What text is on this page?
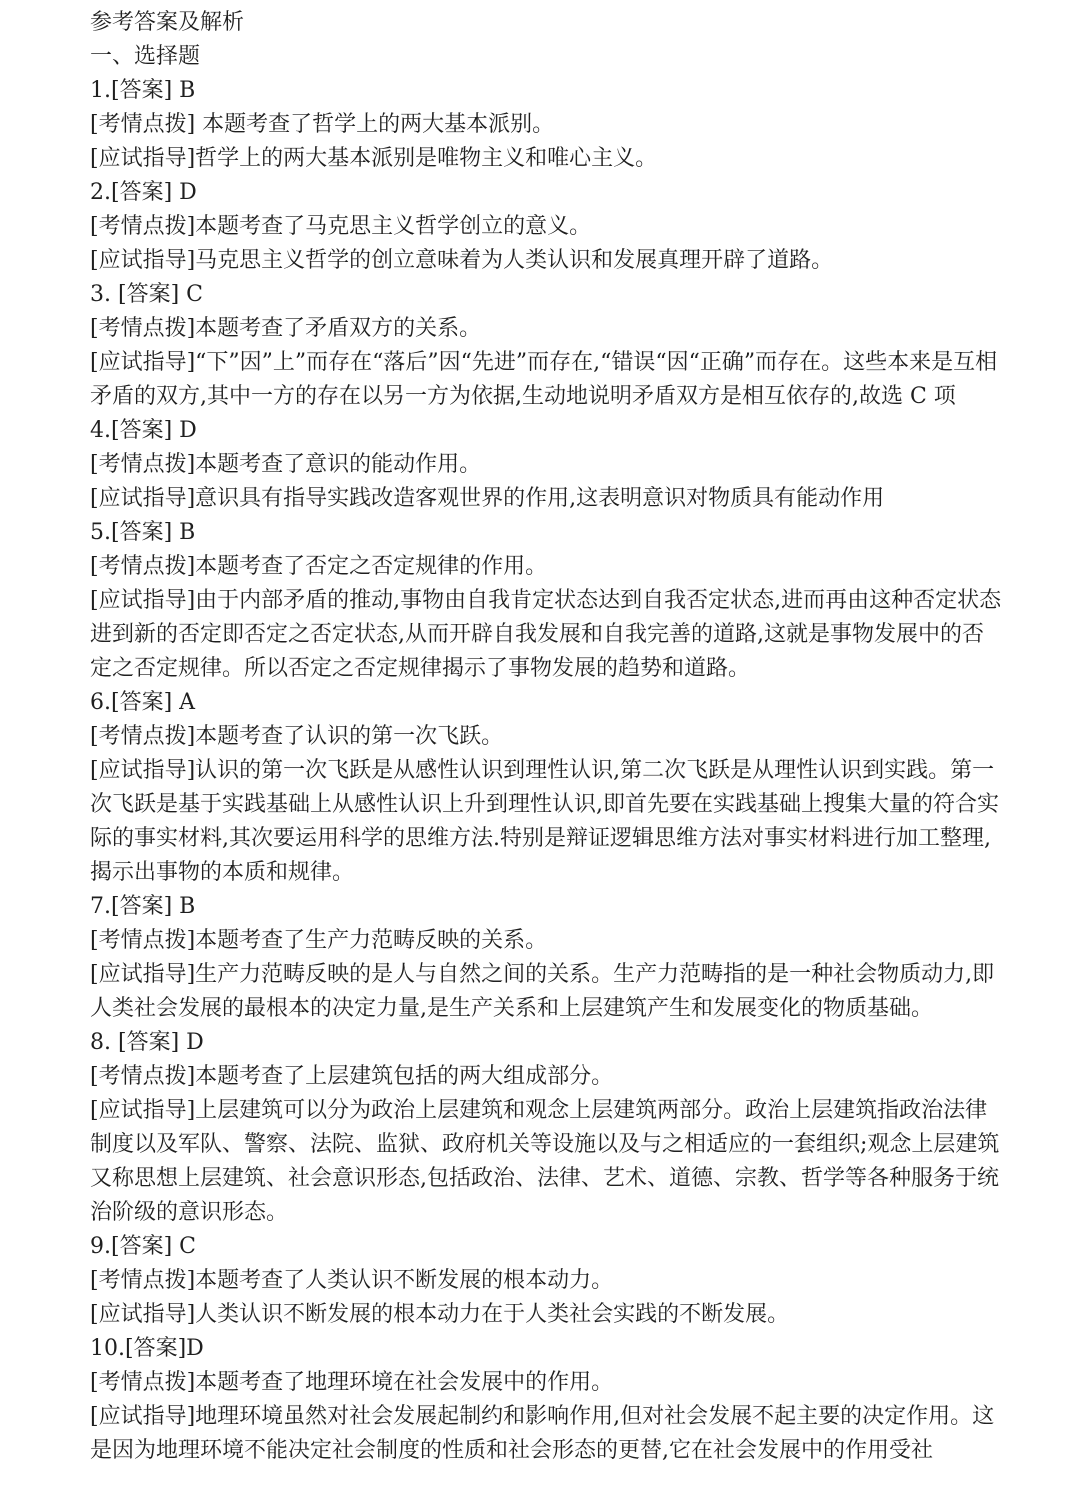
参考答案及解析
一、选择题
1.[答案] B
[考情点拨] 本题考查了哲学上的两大基本派别。
[应试指导]哲学上的两大基本派别是唯物主义和唯心主义。
2.[答案] D
[考情点拨]本题考查了马克思主义哲学创立的意义。
[应试指导]马克思主义哲学的创立意味着为人类认识和发展真理开辟了道路。
3. [答案] C
[考情点拨]本题考查了矛盾双方的关系。
[应试指导]“下”因”上”而存在“落后”因“先进”而存在,“错误“因“正确”而存在。这些本来是互相矛盾的双方,其中一方的存在以另一方为依据,生动地说明矛盾双方是相互依存的,故选 C 项
4.[答案] D
[考情点拨]本题考查了意识的能动作用。
[应试指导]意识具有指导实践改造客观世界的作用,这表明意识对物质具有能动作用
5.[答案] B
[考情点拨]本题考查了否定之否定规律的作用。
[应试指导]由于内部矛盾的推动,事物由自我肯定状态达到自我否定状态,进而再由这种否定状态进到新的否定即否定之否定状态,从而开辟自我发展和自我完善的道路,这就是事物发展中的否定之否定规律。所以否定之否定规律揭示了事物发展的趋势和道路。
6.[答案] A
[考情点拨]本题考查了认识的第一次飞跃。
[应试指导]认识的第一次飞跃是从感性认识到理性认识,第二次飞跃是从理性认识到实践。第一次飞跃是基于实践基础上从感性认识上升到理性认识,即首先要在实践基础上搜集大量的符合实际的事实材料,其次要运用科学的思维方法.特别是辩证逻辑思维方法对事实材料进行加工整理,揭示出事物的本质和规律。
7.[答案] B
[考情点拨]本题考查了生产力范畴反映的关系。
[应试指导]生产力范畴反映的是人与自然之间的关系。生产力范畴指的是一种社会物质动力,即人类社会发展的最根本的决定力量,是生产关系和上层建筑产生和发展变化的物质基础。
8. [答案] D
[考情点拨]本题考查了上层建筑包括的两大组成部分。
[应试指导]上层建筑可以分为政治上层建筑和观念上层建筑两部分。政治上层建筑指政治法律制度以及军队、警察、法院、监狱、政府机关等设施以及与之相适应的一套组织;观念上层建筑又称思想上层建筑、社会意识形态,包括政治、法律、艺术、道德、宗教、哲学等各种服务于统治阶级的意识形态。
9.[答案] C
[考情点拨]本题考查了人类认识不断发展的根本动力。
[应试指导]人类认识不断发展的根本动力在于人类社会实践的不断发展。
10.[答案]D
[考情点拨]本题考查了地理环境在社会发展中的作用。
[应试指导]地理环境虽然对社会发展起制约和影响作用,但对社会发展不起主要的决定作用。这是因为地理环境不能决定社会制度的性质和社会形态的更替,它在社会发展中的作用受社
